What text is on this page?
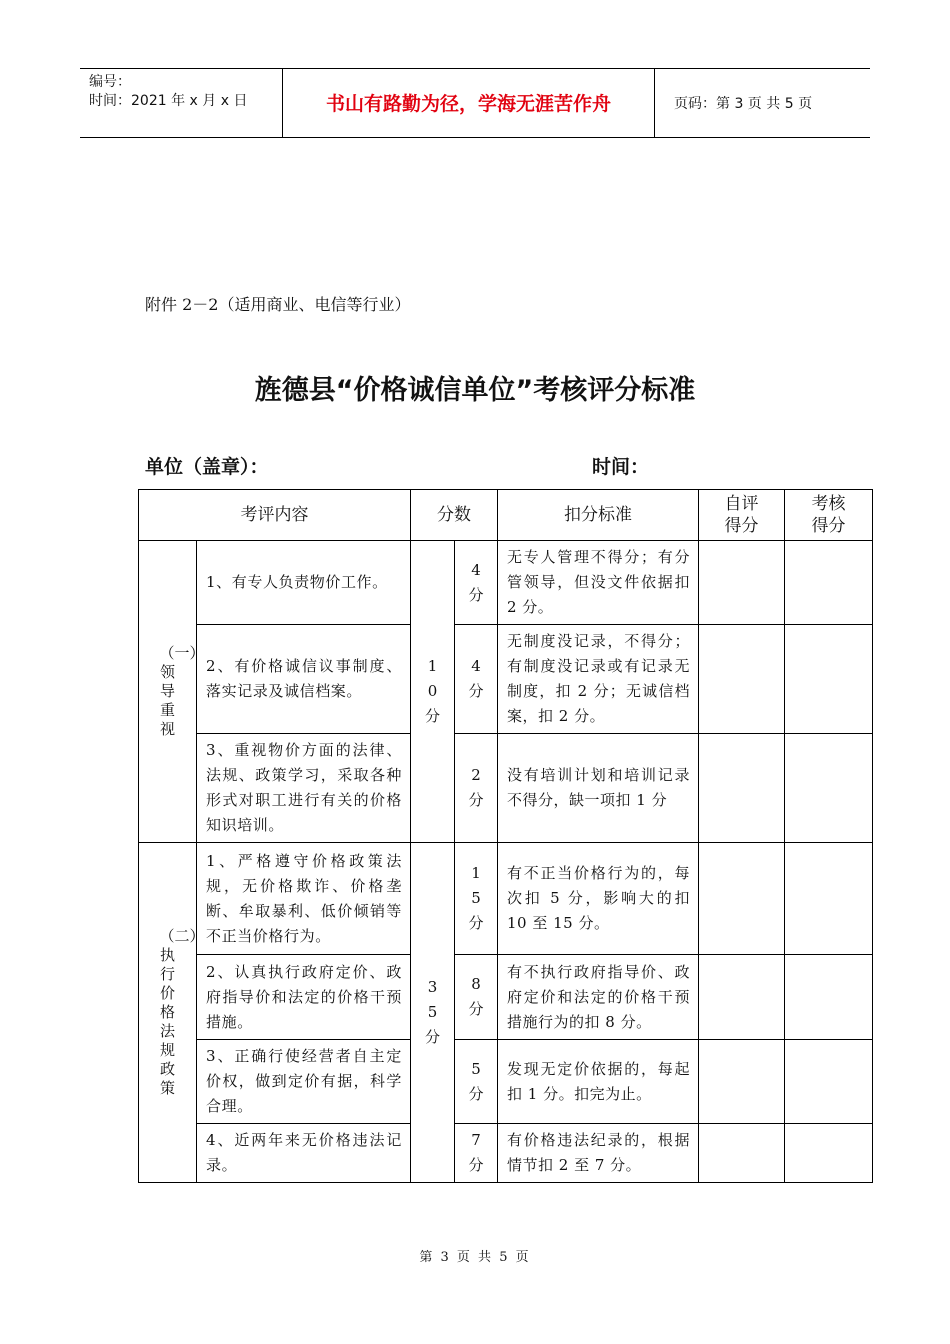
编号：
时间：2021 年 x 月 x 日	书山有路勤为径，学海无涯苦作舟	页码：第 3 页 共 5 页
附件 2－2（适用商业、电信等行业）
旌德县“价格诚信单位”考核评分标准
单位（盖章）：	时间：
考评内容		分数		扣分标准	自评得分	考核得分

（一）领导重视	1、有专人负责物价工作。	10分	4分	无专人管理不得分；有分管领导，但没文件依据扣 2 分。		
	2、有价格诚信议事制度、落实记录及诚信档案。		4分	无制度没记录，不得分；有制度没记录或有记录无制度，扣 2 分；无诚信档案，扣 2 分。		
	3、重视物价方面的法律、法规、政策学习，采取各种形式对职工进行有关的价格知识培训。		2分	没有培训计划和培训记录不得分，缺一项扣 1 分		

（二）执行价格法规政策	1、严格遵守价格政策法规，无价格欺诈、价格垄断、牟取暴利、低价倾销等不正当价格行为。	35分	15分	有不正当价格行为的，每次扣 5 分，影响大的扣 10 至 15 分。		
	2、认真执行政府定价、政府指导价和法定的价格干预措施。		8分	有不执行政府指导价、政府定价和法定的价格干预措施行为的扣 8 分。		
	3、正确行使经营者自主定价权，做到定价有据，科学合理。		5分	发现无定价依据的，每起扣 1 分。扣完为止。		
	4、近两年来无价格违法记录。		7分	有价格违法纪录的，根据情节扣 2 至 7 分。		
第 3 页 共 5 页
